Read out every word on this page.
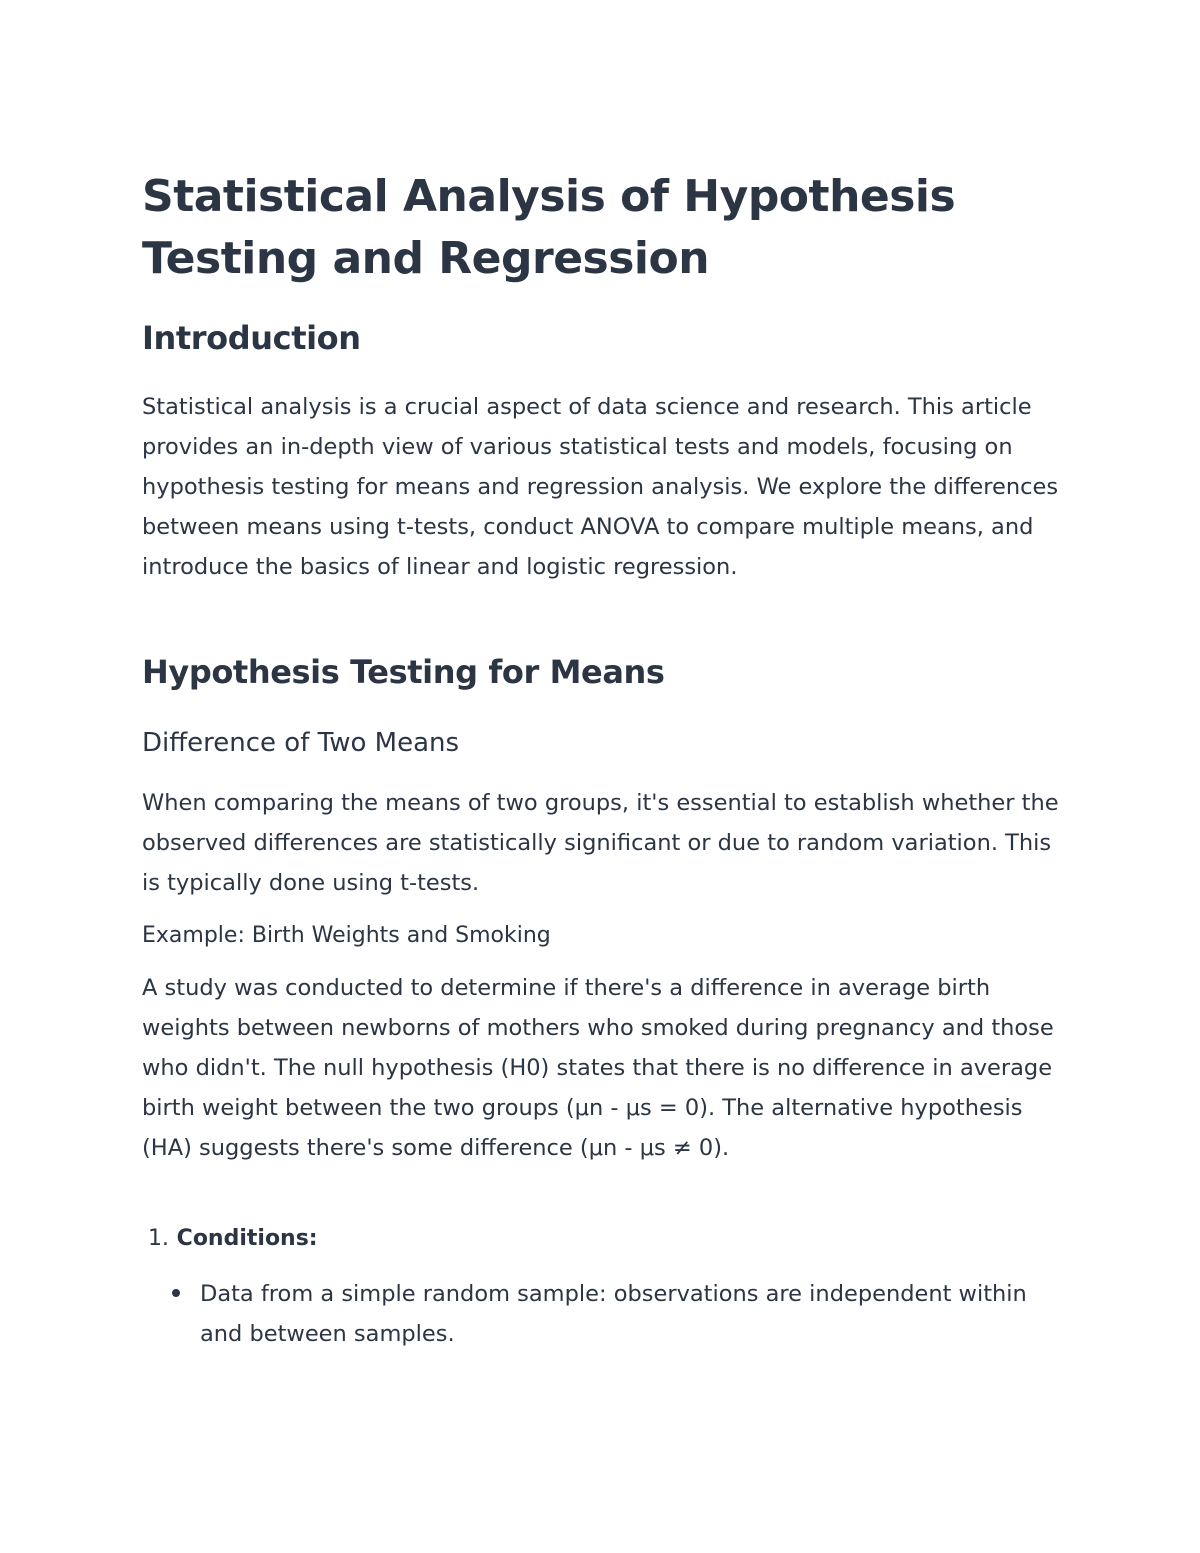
Statistical Analysis of Hypothesis Testing and Regression
Introduction

Statistical analysis is a crucial aspect of data science and research. This article provides an in-depth view of various statistical tests and models, focusing on hypothesis testing for means and regression analysis. We explore the differences between means using t-tests, conduct ANOVA to compare multiple means, and introduce the basics of linear and logistic regression.

Hypothesis Testing for Means
Difference of Two Means

When comparing the means of two groups, it's essential to establish whether the observed differences are statistically significant or due to random variation. This is typically done using t-tests.

Example: Birth Weights and Smoking

A study was conducted to determine if there's a difference in average birth weights between newborns of mothers who smoked during pregnancy and those who didn't. The null hypothesis (H0) states that there is no difference in average birth weight between the two groups (μn - μs = 0). The alternative hypothesis (HA) suggests there's some difference (μn - μs ≠ 0).

1. Conditions:
Data from a simple random sample: observations are independent within and between samples.
